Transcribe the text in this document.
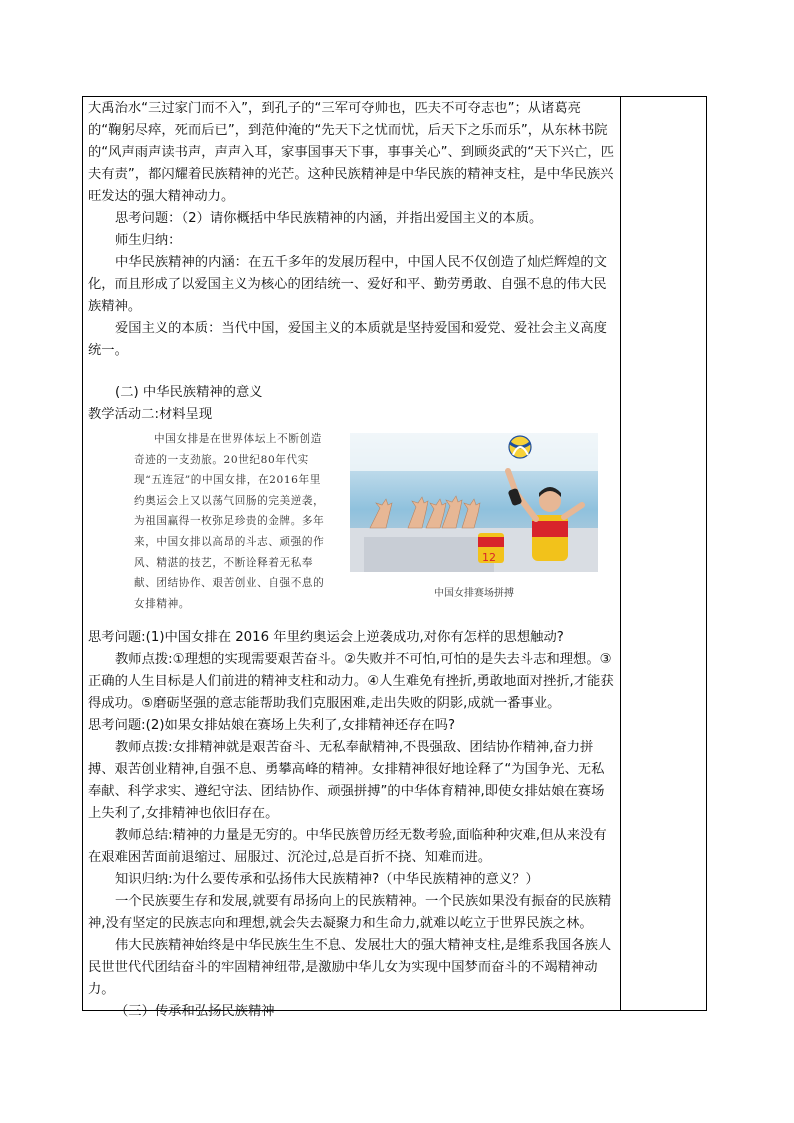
大禹治水“三过家门而不入”，到孔子的“三军可夺帅也，匹夫不可夺志也”；从诸葛亮的“鞠躬尽瘁，死而后已”，到范仲淹的“先天下之忧而忧，后天下之乐而乐”，从东林书院的“风声雨声读书声，声声入耳，家事国事天下事，事事关心”、到顾炎武的“天下兴亡，匹夫有责”，都闪耀着民族精神的光芒。这种民族精神是中华民族的精神支柱，是中华民族兴旺发达的强大精神动力。

思考问题：（2）请你概括中华民族精神的内涵，并指出爱国主义的本质。

师生归纳：

中华民族精神的内涵：在五千多年的发展历程中，中国人民不仅创造了灿烂辉煌的文化，而且形成了以爱国主义为核心的团结统一、爱好和平、勤劳勇敢、自强不息的伟大民族精神。

爱国主义的本质：当代中国，爱国主义的本质就是坚持爱国和爱党、爱社会主义高度统一。

(二) 中华民族精神的意义

教学活动二:材料呈现

中国女排是在世界体坛上不断创造奇迹的一支劲旅。20世纪80年代实现“五连冠”的中国女排，在2016年里约奥运会上又以荡气回肠的完美逆袭，为祖国赢得一枚弥足珍贵的金牌。多年来，中国女排以高昂的斗志、顽强的作风、精湛的技艺，不断诠释着无私奉献、团结协作、艰苦创业、自强不息的女排精神。

12
中国女排赛场拼搏

思考问题:(1)中国女排在 2016 年里约奥运会上逆袭成功,对你有怎样的思想触动?

教师点拨:①理想的实现需要艰苦奋斗。②失败并不可怕,可怕的是失去斗志和理想。③正确的人生目标是人们前进的精神支柱和动力。④人生难免有挫折,勇敢地面对挫折,才能获得成功。⑤磨砺坚强的意志能帮助我们克服困难,走出失败的阴影,成就一番事业。

思考问题:(2)如果女排姑娘在赛场上失利了,女排精神还存在吗?

教师点拨:女排精神就是艰苦奋斗、无私奉献精神,不畏强敌、团结协作精神,奋力拼搏、艰苦创业精神,自强不息、勇攀高峰的精神。女排精神很好地诠释了“为国争光、无私奉献、科学求实、遵纪守法、团结协作、顽强拼搏”的中华体育精神,即使女排姑娘在赛场上失利了,女排精神也依旧存在。

教师总结:精神的力量是无穷的。中华民族曾历经无数考验,面临种种灾难,但从来没有在艰难困苦面前退缩过、屈服过、沉沦过,总是百折不挠、知难而进。

知识归纳:为什么要传承和弘扬伟大民族精神?（中华民族精神的意义？）

一个民族要生存和发展,就要有昂扬向上的民族精神。一个民族如果没有振奋的民族精神,没有坚定的民族志向和理想,就会失去凝聚力和生命力,就难以屹立于世界民族之林。

伟大民族精神始终是中华民族生生不息、发展壮大的强大精神支柱,是维系我国各族人民世世代代团结奋斗的牢固精神纽带,是激励中华儿女为实现中国梦而奋斗的不竭精神动力。

（三）传承和弘扬民族精神
